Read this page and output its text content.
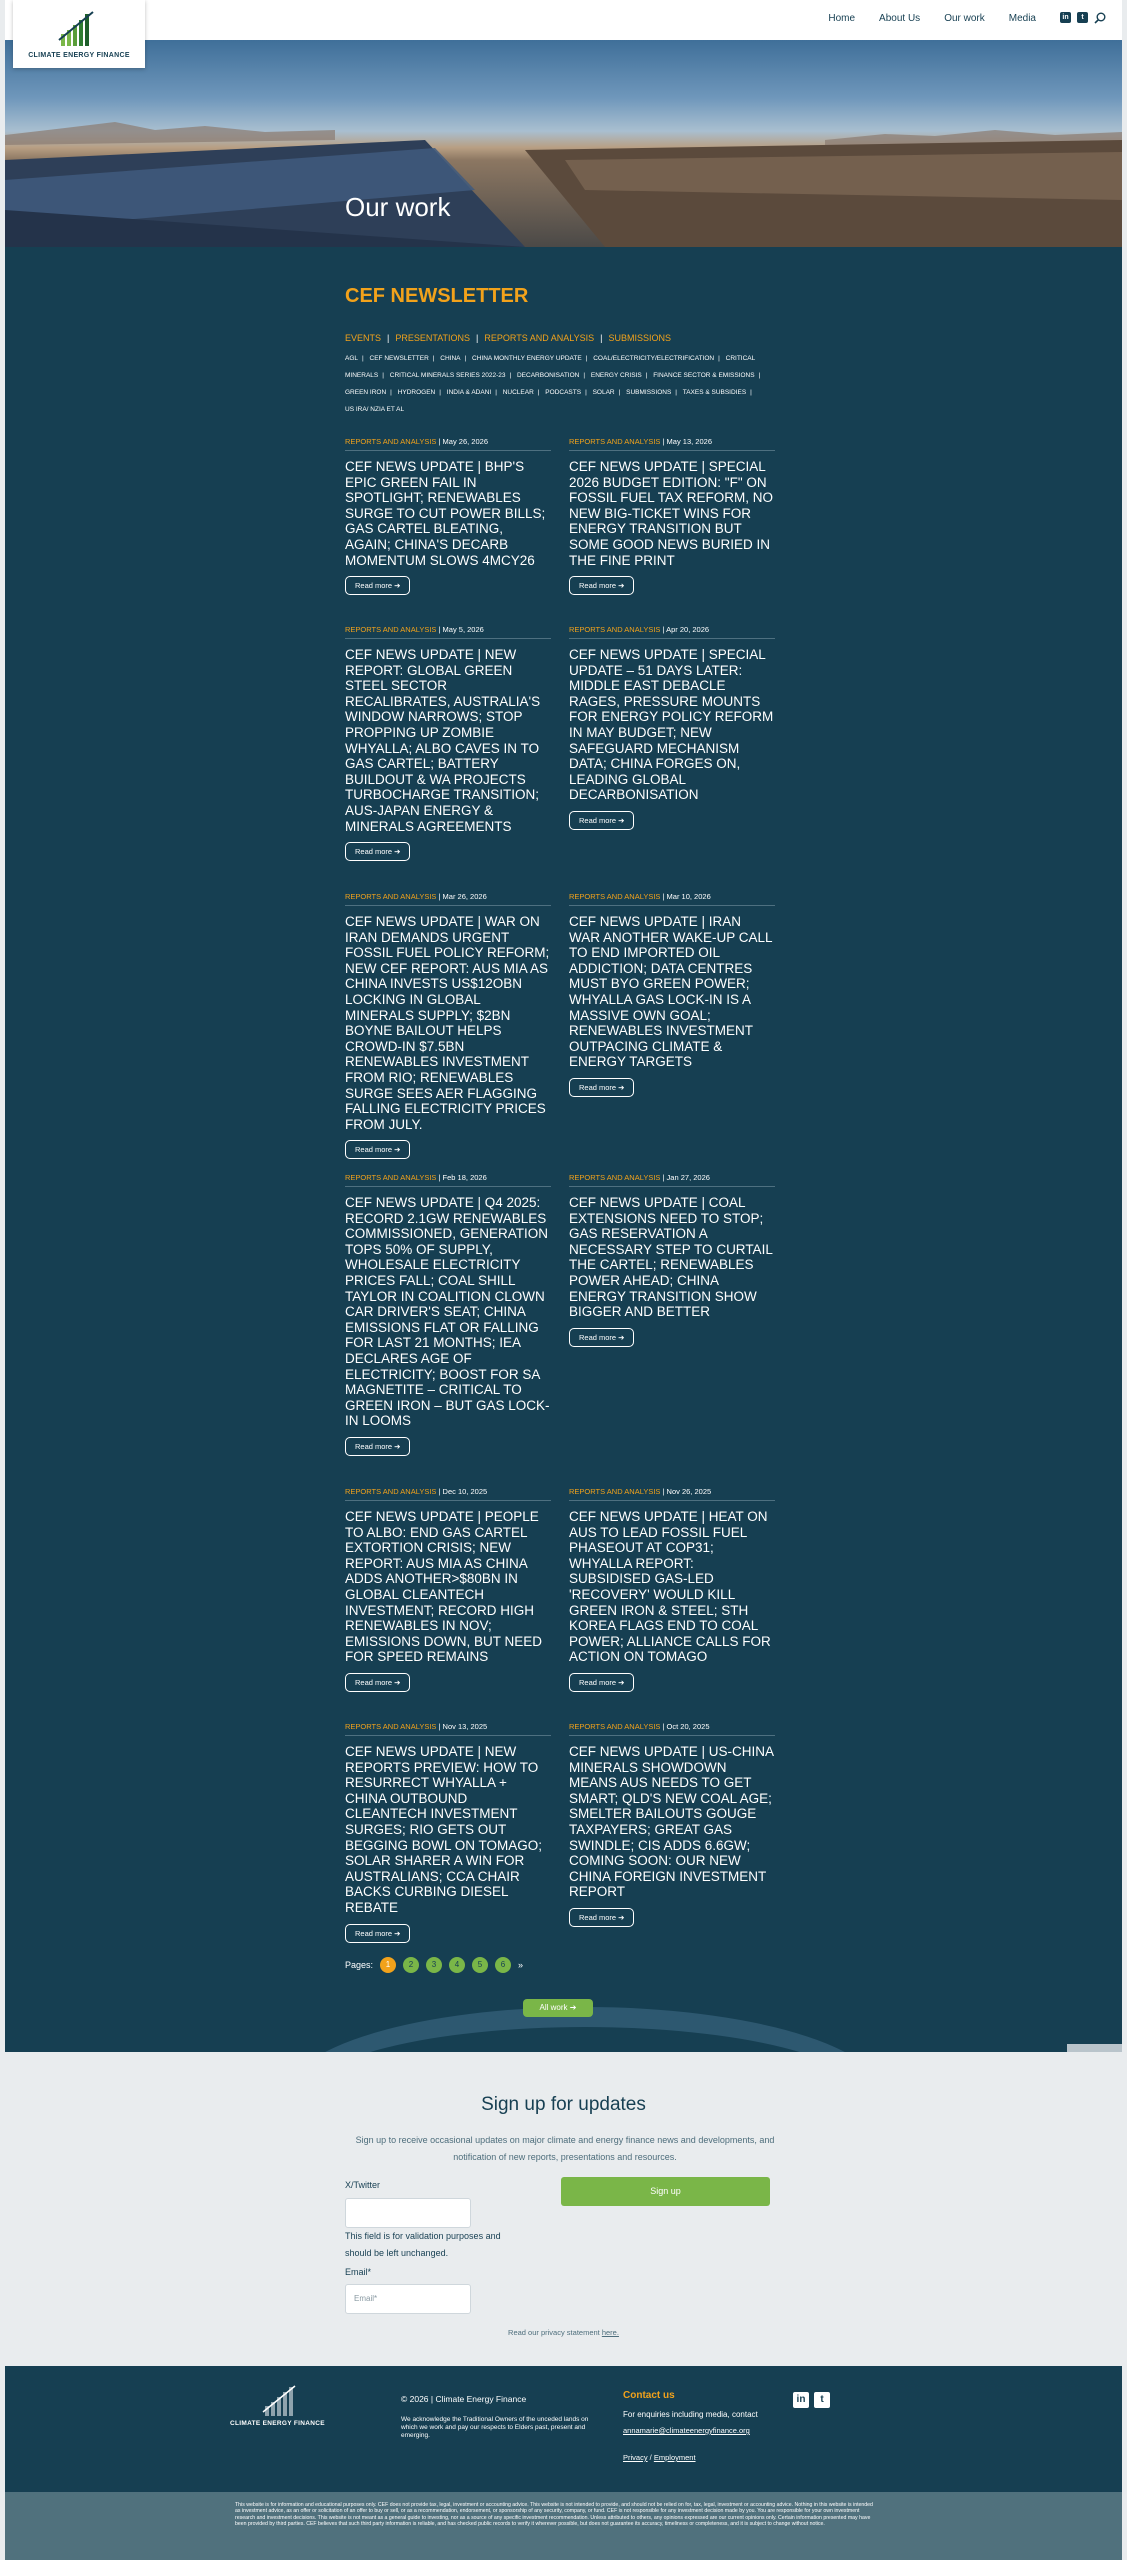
CLIMATE ENERGY FINANCE
Home About Us Our work Media	in	t
Our work
CEF NEWSLETTER
EVENTS | PRESENTATIONS | REPORTS AND ANALYSIS | SUBMISSIONS
AGL | CEF NEWSLETTER | CHINA | CHINA MONTHLY ENERGY UPDATE | COAL/ELECTRICITY/ELECTRIFICATION | CRITICAL MINERALS | CRITICAL MINERALS SERIES 2022-23 | DECARBONISATION | ENERGY CRISIS | FINANCE SECTOR & EMISSIONS | GREEN IRON | HYDROGEN | INDIA & ADANI | NUCLEAR | PODCASTS | SOLAR | SUBMISSIONS | TAXES & SUBSIDIES | US IRA/ NZIA ET AL
REPORTS AND ANALYSIS | May 26, 2026
CEF NEWS UPDATE | BHP'S EPIC GREEN FAIL IN SPOTLIGHT; RENEWABLES SURGE TO CUT POWER BILLS; GAS CARTEL BLEATING, AGAIN; CHINA'S DECARB MOMENTUM SLOWS 4MCY26
Read more ➔
REPORTS AND ANALYSIS | May 13, 2026
CEF NEWS UPDATE | SPECIAL 2026 BUDGET EDITION: "F" ON FOSSIL FUEL TAX REFORM, NO NEW BIG-TICKET WINS FOR ENERGY TRANSITION BUT SOME GOOD NEWS BURIED IN THE FINE PRINT
Read more ➔
REPORTS AND ANALYSIS | May 5, 2026
CEF NEWS UPDATE | NEW REPORT: GLOBAL GREEN STEEL SECTOR RECALIBRATES, AUSTRALIA'S WINDOW NARROWS; STOP PROPPING UP ZOMBIE WHYALLA; ALBO CAVES IN TO GAS CARTEL; BATTERY BUILDOUT & WA PROJECTS TURBOCHARGE TRANSITION; AUS-JAPAN ENERGY & MINERALS AGREEMENTS
Read more ➔
REPORTS AND ANALYSIS | Apr 20, 2026
CEF NEWS UPDATE | SPECIAL UPDATE – 51 DAYS LATER: MIDDLE EAST DEBACLE RAGES, PRESSURE MOUNTS FOR ENERGY POLICY REFORM IN MAY BUDGET; NEW SAFEGUARD MECHANISM DATA; CHINA FORGES ON, LEADING GLOBAL DECARBONISATION
Read more ➔
REPORTS AND ANALYSIS | Mar 26, 2026
CEF NEWS UPDATE | WAR ON IRAN DEMANDS URGENT FOSSIL FUEL POLICY REFORM; NEW CEF REPORT: AUS MIA AS CHINA INVESTS US$12OBN LOCKING IN GLOBAL MINERALS SUPPLY; $2BN BOYNE BAILOUT HELPS CROWD-IN $7.5BN RENEWABLES INVESTMENT FROM RIO; RENEWABLES SURGE SEES AER FLAGGING FALLING ELECTRICITY PRICES FROM JULY.
Read more ➔
REPORTS AND ANALYSIS | Mar 10, 2026
CEF NEWS UPDATE | IRAN WAR ANOTHER WAKE-UP CALL TO END IMPORTED OIL ADDICTION; DATA CENTRES MUST BYO GREEN POWER; WHYALLA GAS LOCK-IN IS A MASSIVE OWN GOAL; RENEWABLES INVESTMENT OUTPACING CLIMATE & ENERGY TARGETS
Read more ➔
REPORTS AND ANALYSIS | Feb 18, 2026
CEF NEWS UPDATE | Q4 2025: RECORD 2.1GW RENEWABLES COMMISSIONED, GENERATION TOPS 50% OF SUPPLY, WHOLESALE ELECTRICITY PRICES FALL; COAL SHILL TAYLOR IN COALITION CLOWN CAR DRIVER'S SEAT; CHINA EMISSIONS FLAT OR FALLING FOR LAST 21 MONTHS; IEA DECLARES AGE OF ELECTRICITY; BOOST FOR SA MAGNETITE – CRITICAL TO GREEN IRON – BUT GAS LOCK-IN LOOMS
Read more ➔
REPORTS AND ANALYSIS | Jan 27, 2026
CEF NEWS UPDATE | COAL EXTENSIONS NEED TO STOP; GAS RESERVATION A NECESSARY STEP TO CURTAIL THE CARTEL; RENEWABLES POWER AHEAD; CHINA ENERGY TRANSITION SHOW BIGGER AND BETTER
Read more ➔
REPORTS AND ANALYSIS | Dec 10, 2025
CEF NEWS UPDATE | PEOPLE TO ALBO: END GAS CARTEL EXTORTION CRISIS; NEW REPORT: AUS MIA AS CHINA ADDS ANOTHER>$80BN IN GLOBAL CLEANTECH INVESTMENT; RECORD HIGH RENEWABLES IN NOV; EMISSIONS DOWN, BUT NEED FOR SPEED REMAINS
Read more ➔
REPORTS AND ANALYSIS | Nov 26, 2025
CEF NEWS UPDATE | HEAT ON AUS TO LEAD FOSSIL FUEL PHASEOUT AT COP31; WHYALLA REPORT: SUBSIDISED GAS-LED 'RECOVERY' WOULD KILL GREEN IRON & STEEL; STH KOREA FLAGS END TO COAL POWER; ALLIANCE CALLS FOR ACTION ON TOMAGO
Read more ➔
REPORTS AND ANALYSIS | Nov 13, 2025
CEF NEWS UPDATE | NEW REPORTS PREVIEW: HOW TO RESURRECT WHYALLA + CHINA OUTBOUND CLEANTECH INVESTMENT SURGES; RIO GETS OUT BEGGING BOWL ON TOMAGO; SOLAR SHARER A WIN FOR AUSTRALIANS; CCA CHAIR BACKS CURBING DIESEL REBATE
Read more ➔
REPORTS AND ANALYSIS | Oct 20, 2025
CEF NEWS UPDATE | US-CHINA MINERALS SHOWDOWN MEANS AUS NEEDS TO GET SMART; QLD'S NEW COAL AGE; SMELTER BAILOUTS GOUGE TAXPAYERS; GREAT GAS SWINDLE; CIS ADDS 6.6GW; COMING SOON: OUR NEW CHINA FOREIGN INVESTMENT REPORT
Read more ➔
Pages:	1	2	3	4	5	6	»
All work ➔
Sign up for updates
Sign up to receive occasional updates on major climate and energy finance news and developments, and notification of new reports, presentations and resources.
X/Twitter
This field is for validation purposes and should be left unchanged.
Email*
Email*
Sign up
Read our privacy statement here.
CLIMATE ENERGY FINANCE
© 2026 | Climate Energy Finance
We acknowledge the Traditional Owners of the unceded lands on which we work and pay our respects to Elders past, present and emerging.
Contact us
For enquiries including media, contact
annamarie@climateenergyfinance.org
Privacy / Employment
in	t
This website is for information and educational purposes only. CEF does not provide tax, legal, investment or accounting advice. This website is not intended to provide, and should not be relied on for, tax, legal, investment or accounting advice. Nothing in this website is intended as investment advice, as an offer or solicitation of an offer to buy or sell, or as a recommendation, endorsement, or sponsorship of any security, company, or fund. CEF is not responsible for any investment decision made by you. You are responsible for your own investment research and investment decisions. This website is not meant as a general guide to investing, nor as a source of any specific investment recommendation. Unless attributed to others, any opinions expressed are our current opinions only. Certain information presented may have been provided by third parties. CEF believes that such third party information is reliable, and has checked public records to verify it wherever possible, but does not guarantee its accuracy, timeliness or completeness, and it is subject to change without notice.
